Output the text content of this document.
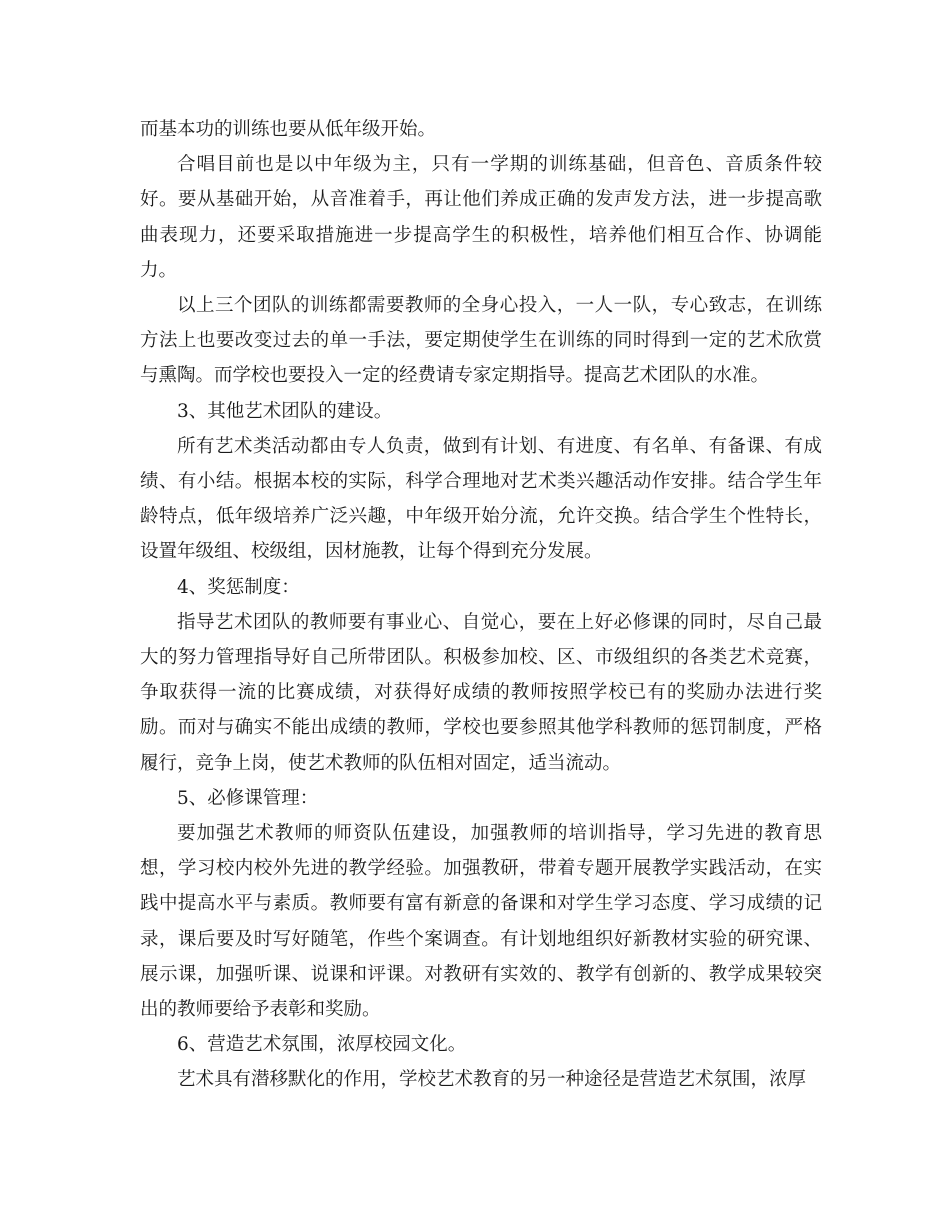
而基本功的训练也要从低年级开始。

合唱目前也是以中年级为主，只有一学期的训练基础，但音色、音质条件较好。要从基础开始，从音准着手，再让他们养成正确的发声发方法，进一步提高歌曲表现力，还要采取措施进一步提高学生的积极性，培养他们相互合作、协调能力。

以上三个团队的训练都需要教师的全身心投入，一人一队，专心致志，在训练方法上也要改变过去的单一手法，要定期使学生在训练的同时得到一定的艺术欣赏与熏陶。而学校也要投入一定的经费请专家定期指导。提高艺术团队的水准。

3、其他艺术团队的建设。

所有艺术类活动都由专人负责，做到有计划、有进度、有名单、有备课、有成绩、有小结。根据本校的实际，科学合理地对艺术类兴趣活动作安排。结合学生年龄特点，低年级培养广泛兴趣，中年级开始分流，允许交换。结合学生个性特长，设置年级组、校级组，因材施教，让每个得到充分发展。

4、奖惩制度：

指导艺术团队的教师要有事业心、自觉心，要在上好必修课的同时，尽自己最大的努力管理指导好自己所带团队。积极参加校、区、市级组织的各类艺术竞赛，争取获得一流的比赛成绩，对获得好成绩的教师按照学校已有的奖励办法进行奖励。而对与确实不能出成绩的教师，学校也要参照其他学科教师的惩罚制度，严格履行，竞争上岗，使艺术教师的队伍相对固定，适当流动。

5、必修课管理：

要加强艺术教师的师资队伍建设，加强教师的培训指导，学习先进的教育思想，学习校内校外先进的教学经验。加强教研，带着专题开展教学实践活动，在实践中提高水平与素质。教师要有富有新意的备课和对学生学习态度、学习成绩的记录，课后要及时写好随笔，作些个案调查。有计划地组织好新教材实验的研究课、展示课，加强听课、说课和评课。对教研有实效的、教学有创新的、教学成果较突出的教师要给予表彰和奖励。

6、营造艺术氛围，浓厚校园文化。

艺术具有潜移默化的作用，学校艺术教育的另一种途径是营造艺术氛围，浓厚
